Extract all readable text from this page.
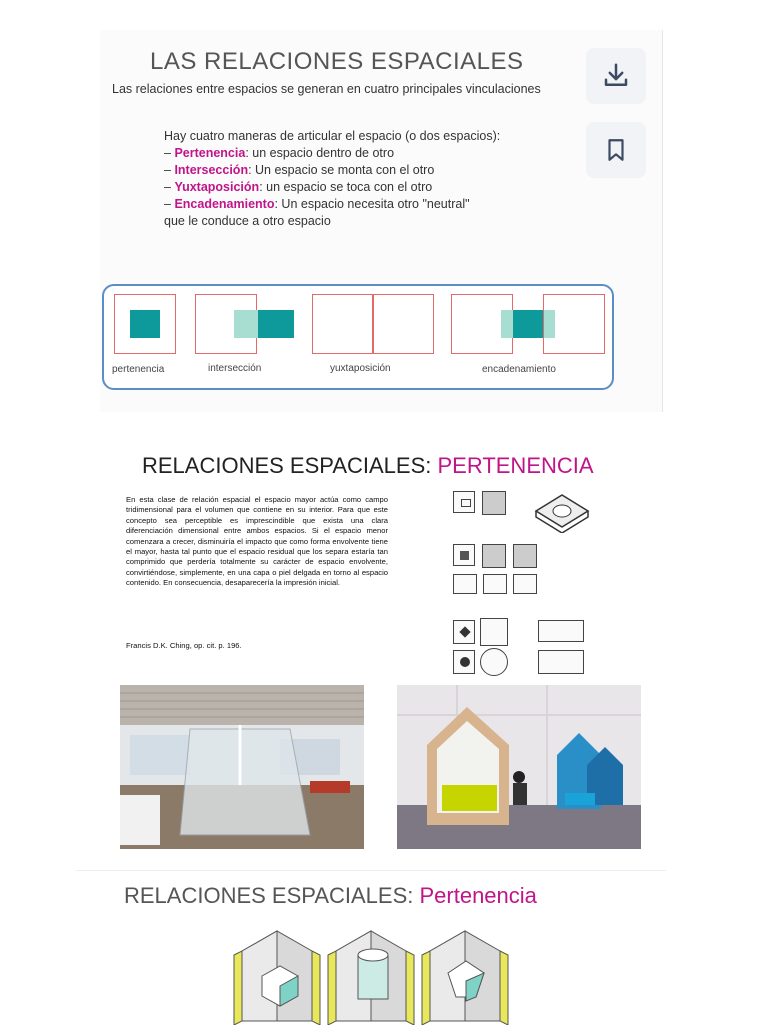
LAS RELACIONES ESPACIALES
Las relaciones entre espacios se generan en cuatro principales vinculaciones
Hay cuatro maneras de articular el espacio (o dos espacios):
– Pertenencia: un espacio dentro de otro
– Intersección: Un espacio se monta con el otro
– Yuxtaposición: un espacio se toca con el otro
– Encadenamiento: Un espacio necesita otro "neutral"
que le conduce a otro espacio
pertenencia	intersección	yuxtaposición	encadenamiento
RELACIONES ESPACIALES: PERTENENCIA
En esta clase de relación espacial el espacio mayor actúa como campo tridimensional para el volumen que contiene en su interior. Para que este concepto sea perceptible es imprescindible que exista una clara diferenciación dimensional entre ambos espacios. Si el espacio menor comenzara a crecer, disminuiría el impacto que como forma envolvente tiene el mayor, hasta tal punto que el espacio residual que los separa estaría tan comprimido que perdería totalmente su carácter de espacio envolvente, convirtiéndose, simplemente, en una capa o piel delgada en torno al espacio contenido. En consecuencia, desaparecería la impresión inicial.
Francis D.K. Ching, op. cit. p. 196.
RELACIONES ESPACIALES: Pertenencia
